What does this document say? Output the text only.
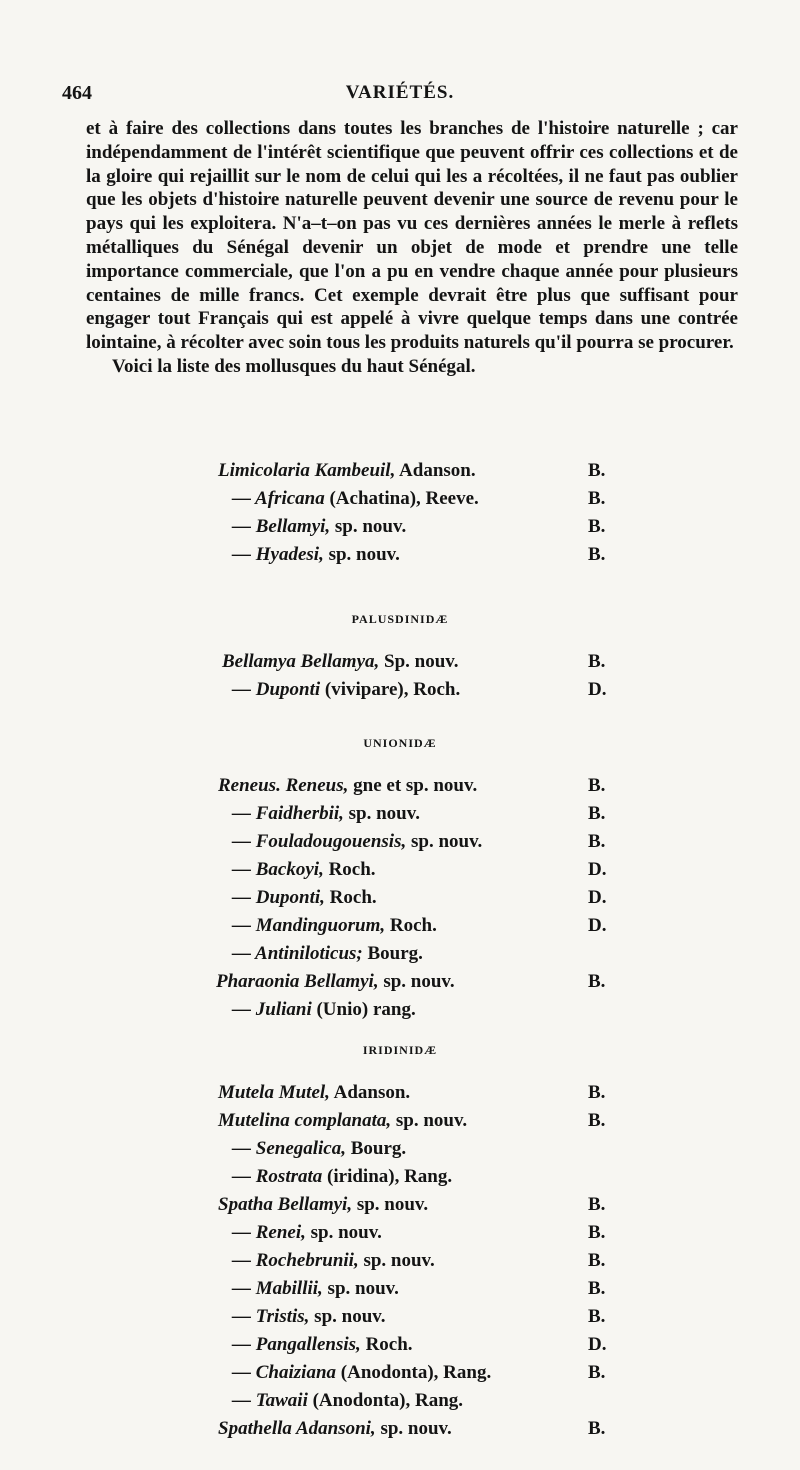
464	VARIÉTÉS.

et à faire des collections dans toutes les branches de l'histoire naturelle ; car indépendamment de l'intérêt scientifique que peuvent offrir ces collections et de la gloire qui rejaillit sur le nom de celui qui les a récoltées, il ne faut pas oublier que les objets d'histoire naturelle peuvent devenir une source de revenu pour le pays qui les exploitera. N'a–t–on pas vu ces dernières années le merle à reflets métalliques du Sénégal devenir un objet de mode et prendre une telle importance commerciale, que l'on a pu en vendre chaque année pour plusieurs centaines de mille francs. Cet exemple devrait être plus que suffisant pour engager tout Français qui est appelé à vivre quelque temps dans une contrée lointaine, à récolter avec soin tous les produits naturels qu'il pourra se procurer.

Voici la liste des mollusques du haut Sénégal.

Limicolaria Kambeuil, Adanson.	B.
— Africana (Achatina), Reeve.	B.
— Bellamyi, sp. nouv.	B.
— Hyadesi, sp. nouv.	B.
PALUSDINIDÆ
Bellamya Bellamya, Sp. nouv.	B.
— Duponti (vivipare), Roch.	D.
UNIONIDÆ
Reneus. Reneus, gne et sp. nouv.	B.
— Faidherbii, sp. nouv.	B.
— Fouladougouensis, sp. nouv.	B.
— Backoyi, Roch.	D.
— Duponti, Roch.	D.
— Mandinguorum, Roch.	D.
— Antiniloticus; Bourg.
Pharaonia Bellamyi, sp. nouv.	B.
— Juliani (Unio) rang.
IRIDINIDÆ
Mutela Mutel, Adanson.	B.
Mutelina complanata, sp. nouv.	B.
— Senegalica, Bourg.
— Rostrata (iridina), Rang.
Spatha Bellamyi, sp. nouv.	B.
— Renei, sp. nouv.	B.
— Rochebrunii, sp. nouv.	B.
— Mabillii, sp. nouv.	B.
— Tristis, sp. nouv.	B.
— Pangallensis, Roch.	D.
— Chaiziana (Anodonta), Rang.	B.
— Tawaii (Anodonta), Rang.
Spathella Adansoni, sp. nouv.	B.
